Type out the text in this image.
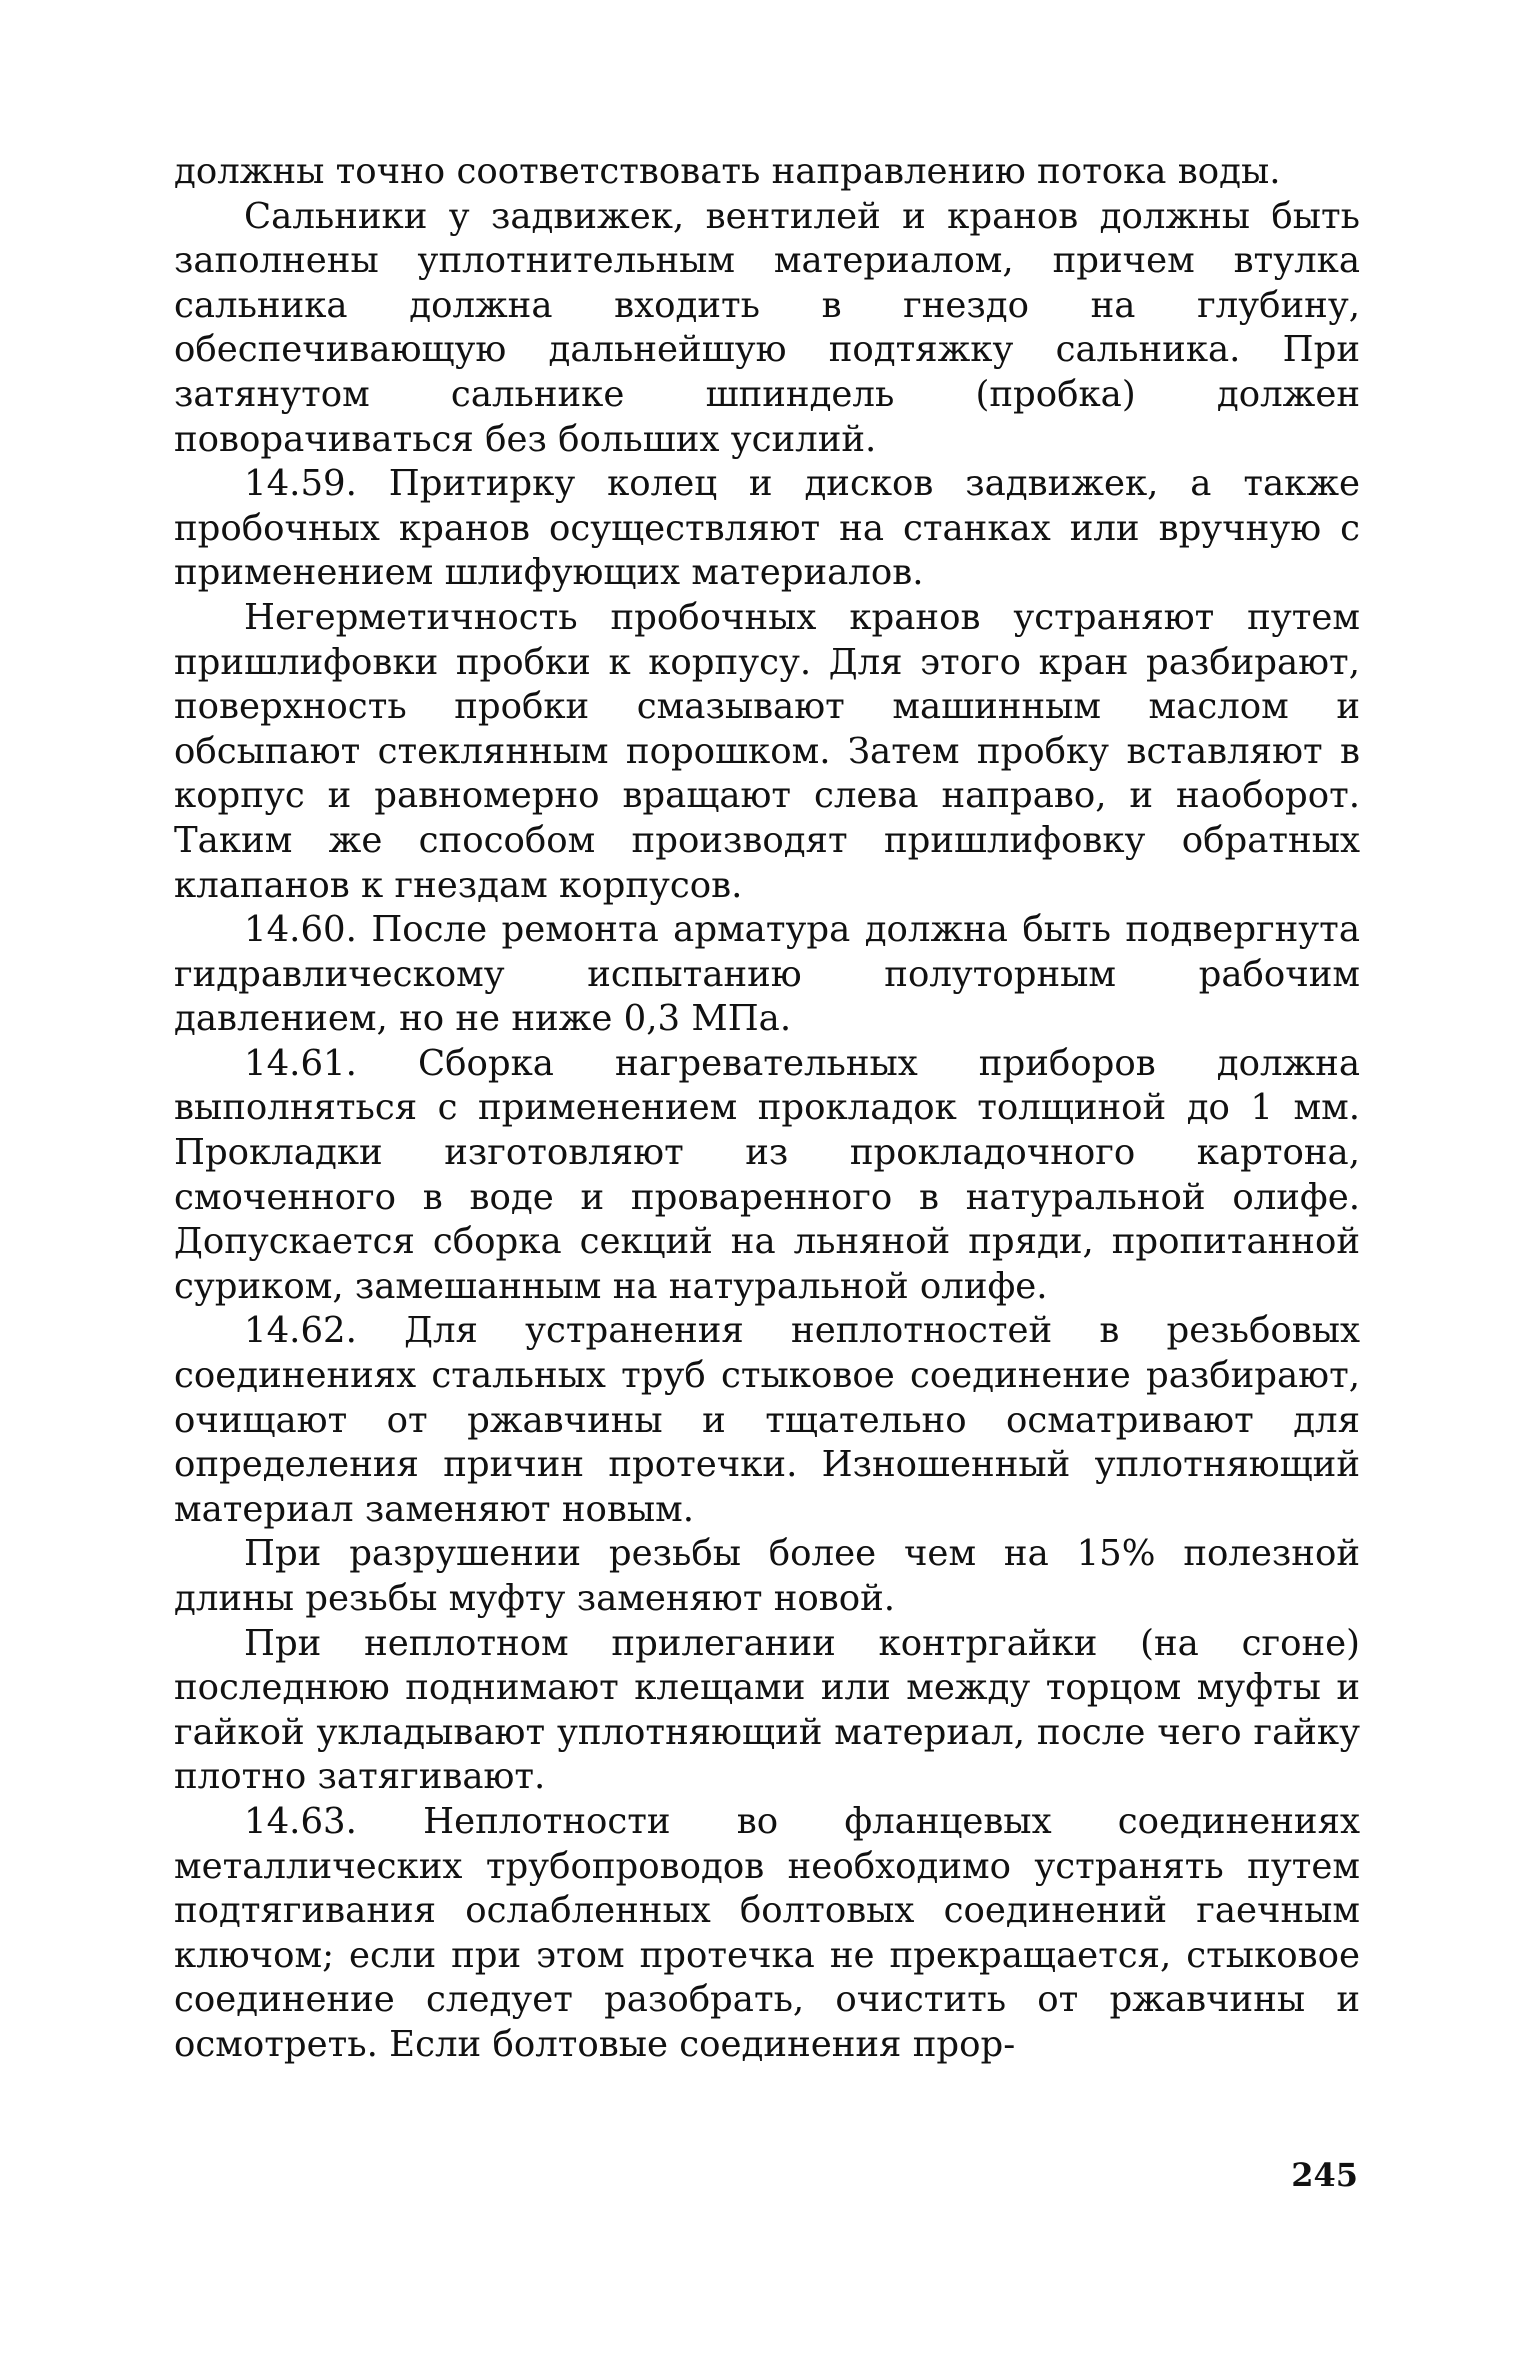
должны точно соответствовать направлению потока воды.

Сальники у задвижек, вентилей и кранов должны быть заполнены уплотнительным материалом, причем втулка сальника должна входить в гнездо на глубину, обеспечивающую дальнейшую подтяжку сальника. При затянутом сальнике шпиндель (пробка) должен поворачиваться без больших усилий.

14.59. Притирку колец и дисков задвижек, а также пробочных кранов осуществляют на станках или вручную с применением шлифующих материалов.

Негерметичность пробочных кранов устраняют путем пришлифовки пробки к корпусу. Для этого кран разбирают, поверхность пробки смазывают машинным маслом и обсыпают стеклянным порошком. Затем пробку вставляют в корпус и равномерно вращают слева направо, и наоборот. Таким же способом производят пришлифовку обратных клапанов к гнездам корпусов.

14.60. После ремонта арматура должна быть подвергнута гидравлическому испытанию полуторным рабочим давлением, но не ниже 0,3 МПа.

14.61. Сборка нагревательных приборов должна выполняться с применением прокладок толщиной до 1 мм. Прокладки изготовляют из прокладочного картона, смоченного в воде и проваренного в натуральной олифе. Допускается сборка секций на льняной пряди, пропитанной суриком, замешанным на натуральной олифе.

14.62. Для устранения неплотностей в резьбовых соединениях стальных труб стыковое соединение разбирают, очищают от ржавчины и тщательно осматривают для определения причин протечки. Изношенный уплотняющий материал заменяют новым.

При разрушении резьбы более чем на 15% полезной длины резьбы муфту заменяют новой.

При неплотном прилегании контргайки (на сгоне) последнюю поднимают клещами или между торцом муфты и гайкой укладывают уплотняющий материал, после чего гайку плотно затягивают.

14.63. Неплотности во фланцевых соединениях металлических трубопроводов необходимо устранять путем подтягивания ослабленных болтовых соединений гаечным ключом; если при этом протечка не прекращается, стыковое соединение следует разобрать, очистить от ржавчины и осмотреть. Если болтовые соединения прор-

245
